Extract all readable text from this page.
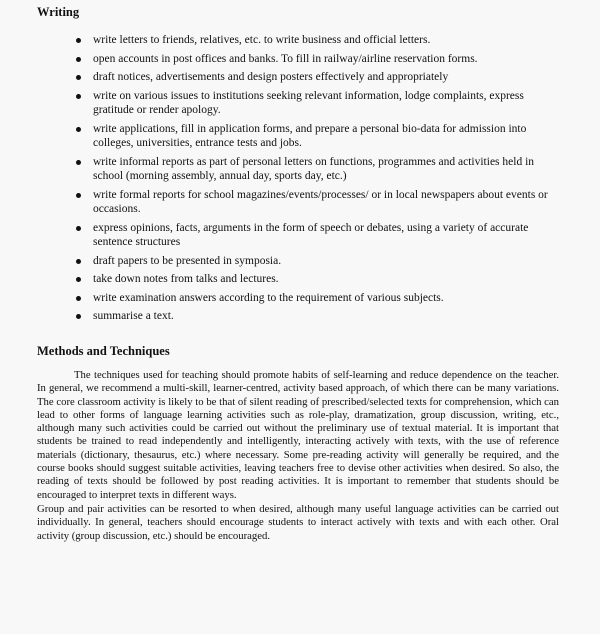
Writing
write letters to friends, relatives, etc. to write business and official letters.
open accounts in post offices and banks. To fill in railway/airline reservation forms.
draft notices, advertisements and design posters effectively and appropriately
write on various issues to institutions seeking relevant information, lodge complaints, express gratitude or render apology.
write applications, fill in application forms, and prepare a personal bio-data for admission into colleges, universities, entrance tests and jobs.
write informal reports as part of personal letters on functions, programmes and activities held in school (morning assembly, annual day, sports day, etc.)
write formal reports for school magazines/events/processes/ or in local newspapers about events or occasions.
express opinions, facts, arguments in the form of speech or debates, using a variety of accurate sentence structures
draft papers to be presented in symposia.
take down notes from talks and lectures.
write examination answers according to the requirement of various subjects.
summarise a text.
Methods and Techniques

The techniques used for teaching should promote habits of self-learning and reduce dependence on the teacher. In general, we recommend a multi-skill, learner-centred, activity based approach, of which there can be many variations. The core classroom activity is likely to be that of silent reading of prescribed/selected texts for comprehension, which can lead to other forms of language learning activities such as role-play, dramatization, group discussion, writing, etc., although many such activities could be carried out without the preliminary use of textual material. It is important that students be trained to read independently and intelligently, interacting actively with texts, with the use of reference materials (dictionary, thesaurus, etc.) where necessary. Some pre-reading activity will generally be required, and the course books should suggest suitable activities, leaving teachers free to devise other activities when desired. So also, the reading of texts should be followed by post reading activities. It is important to remember that students should be encouraged to interpret texts in different ways.

Group and pair activities can be resorted to when desired, although many useful language activities can be carried out individually. In general, teachers should encourage students to interact actively with texts and with each other. Oral activity (group discussion, etc.) should be encouraged.
